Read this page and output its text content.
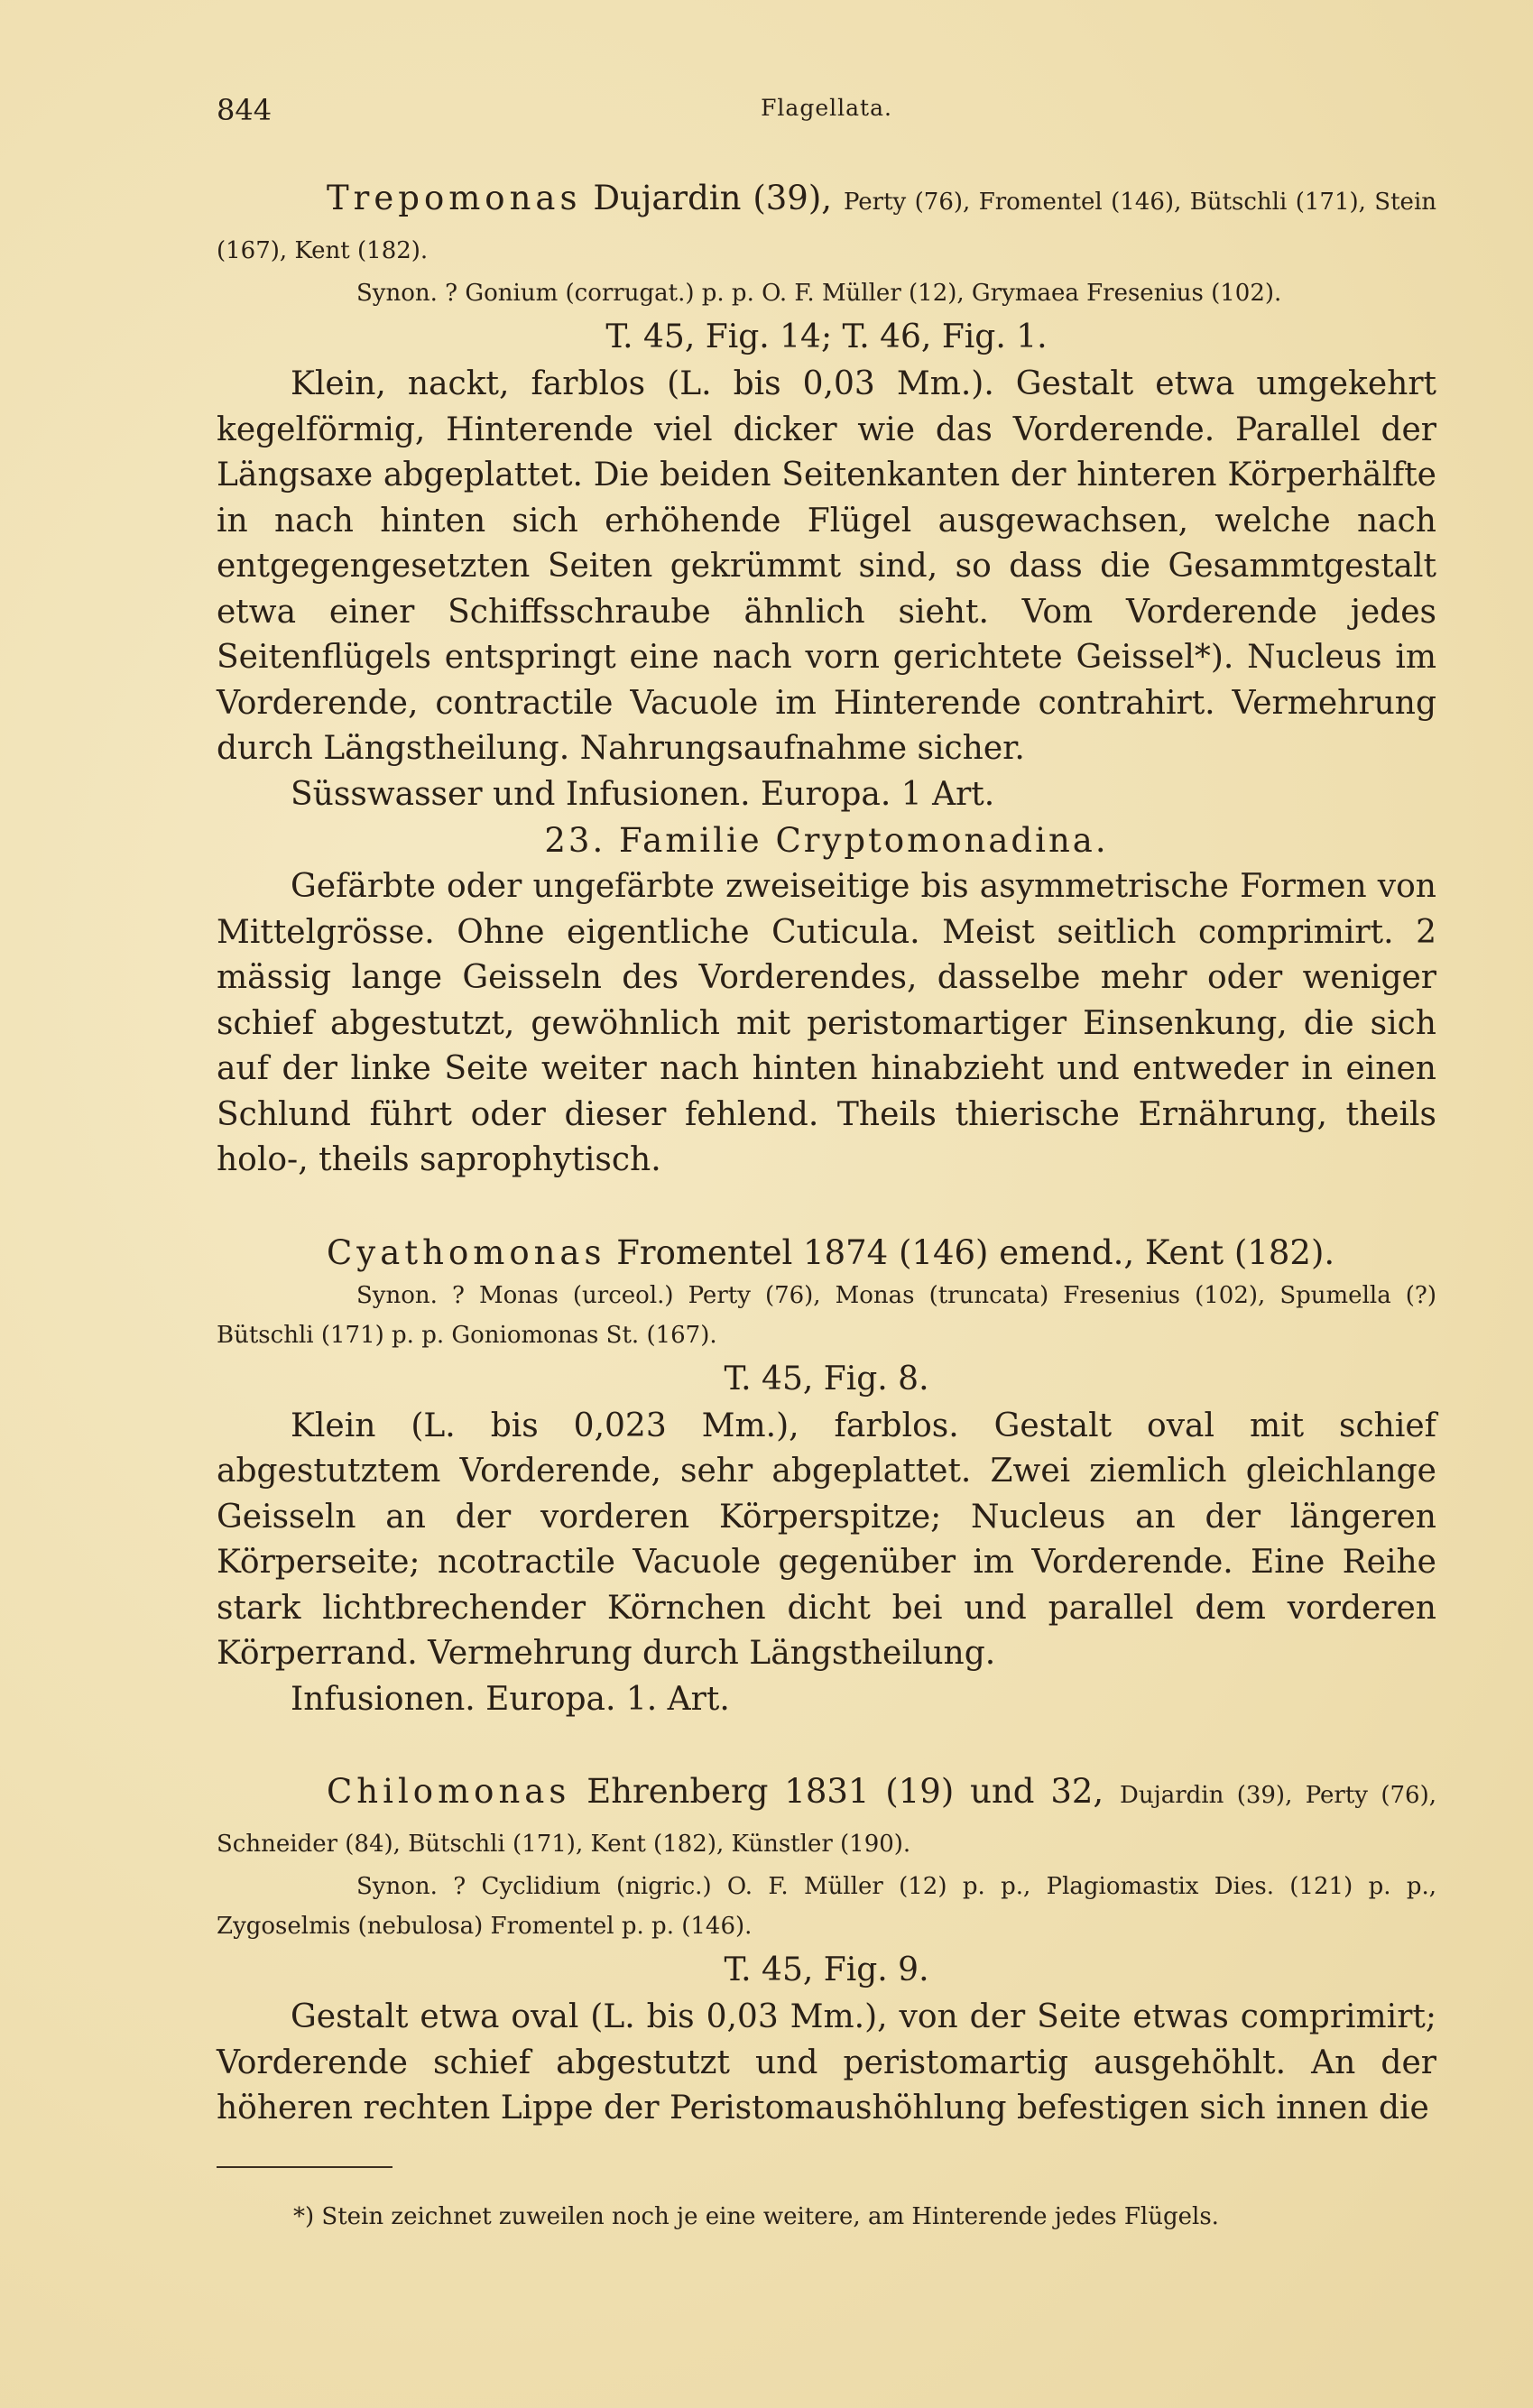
844	Flagellata.

Trepomonas Dujardin (39), Perty (76), Fromentel (146), Bütschli (171), Stein (167), Kent (182).

Synon. ? Gonium (corrugat.) p. p. O. F. Müller (12), Grymaea Fresenius (102).

T. 45, Fig. 14; T. 46, Fig. 1.

Klein, nackt, farblos (L. bis 0,03 Mm.). Gestalt etwa umgekehrt kegelförmig, Hinterende viel dicker wie das Vorderende. Parallel der Längsaxe abgeplattet. Die beiden Seitenkanten der hinteren Körperhälfte in nach hinten sich erhöhende Flügel ausgewachsen, welche nach entgegengesetzten Seiten gekrümmt sind, so dass die Gesammtgestalt etwa einer Schiffsschraube ähnlich sieht. Vom Vorderende jedes Seitenflügels entspringt eine nach vorn gerichtete Geissel*). Nucleus im Vorderende, contractile Vacuole im Hinterende contrahirt. Vermehrung durch Längstheilung. Nahrungsaufnahme sicher.

Süsswasser und Infusionen. Europa. 1 Art.

23. Familie Cryptomonadina.

Gefärbte oder ungefärbte zweiseitige bis asymmetrische Formen von Mittelgrösse. Ohne eigentliche Cuticula. Meist seitlich comprimirt. 2 mässig lange Geisseln des Vorderendes, dasselbe mehr oder weniger schief abgestutzt, gewöhnlich mit peristomartiger Einsenkung, die sich auf der linke Seite weiter nach hinten hinabzieht und entweder in einen Schlund führt oder dieser fehlend. Theils thierische Ernährung, theils holo-, theils saprophytisch.

Cyathomonas Fromentel 1874 (146) emend., Kent (182).

Synon. ? Monas (urceol.) Perty (76), Monas (truncata) Fresenius (102), Spumella (?) Bütschli (171) p. p. Goniomonas St. (167).

T. 45, Fig. 8.

Klein (L. bis 0,023 Mm.), farblos. Gestalt oval mit schief abgestutztem Vorderende, sehr abgeplattet. Zwei ziemlich gleichlange Geisseln an der vorderen Körperspitze; Nucleus an der längeren Körperseite; ncotractile Vacuole gegenüber im Vorderende. Eine Reihe stark lichtbrechender Körnchen dicht bei und parallel dem vorderen Körperrand. Vermehrung durch Längstheilung.

Infusionen. Europa. 1. Art.

Chilomonas Ehrenberg 1831 (19) und 32, Dujardin (39), Perty (76), Schneider (84), Bütschli (171), Kent (182), Künstler (190).

Synon. ? Cyclidium (nigric.) O. F. Müller (12) p. p., Plagiomastix Dies. (121) p. p., Zygoselmis (nebulosa) Fromentel p. p. (146).

T. 45, Fig. 9.

Gestalt etwa oval (L. bis 0,03 Mm.), von der Seite etwas comprimirt; Vorderende schief abgestutzt und peristomartig ausgehöhlt. An der höheren rechten Lippe der Peristomaushöhlung befestigen sich innen die

*) Stein zeichnet zuweilen noch je eine weitere, am Hinterende jedes Flügels.
